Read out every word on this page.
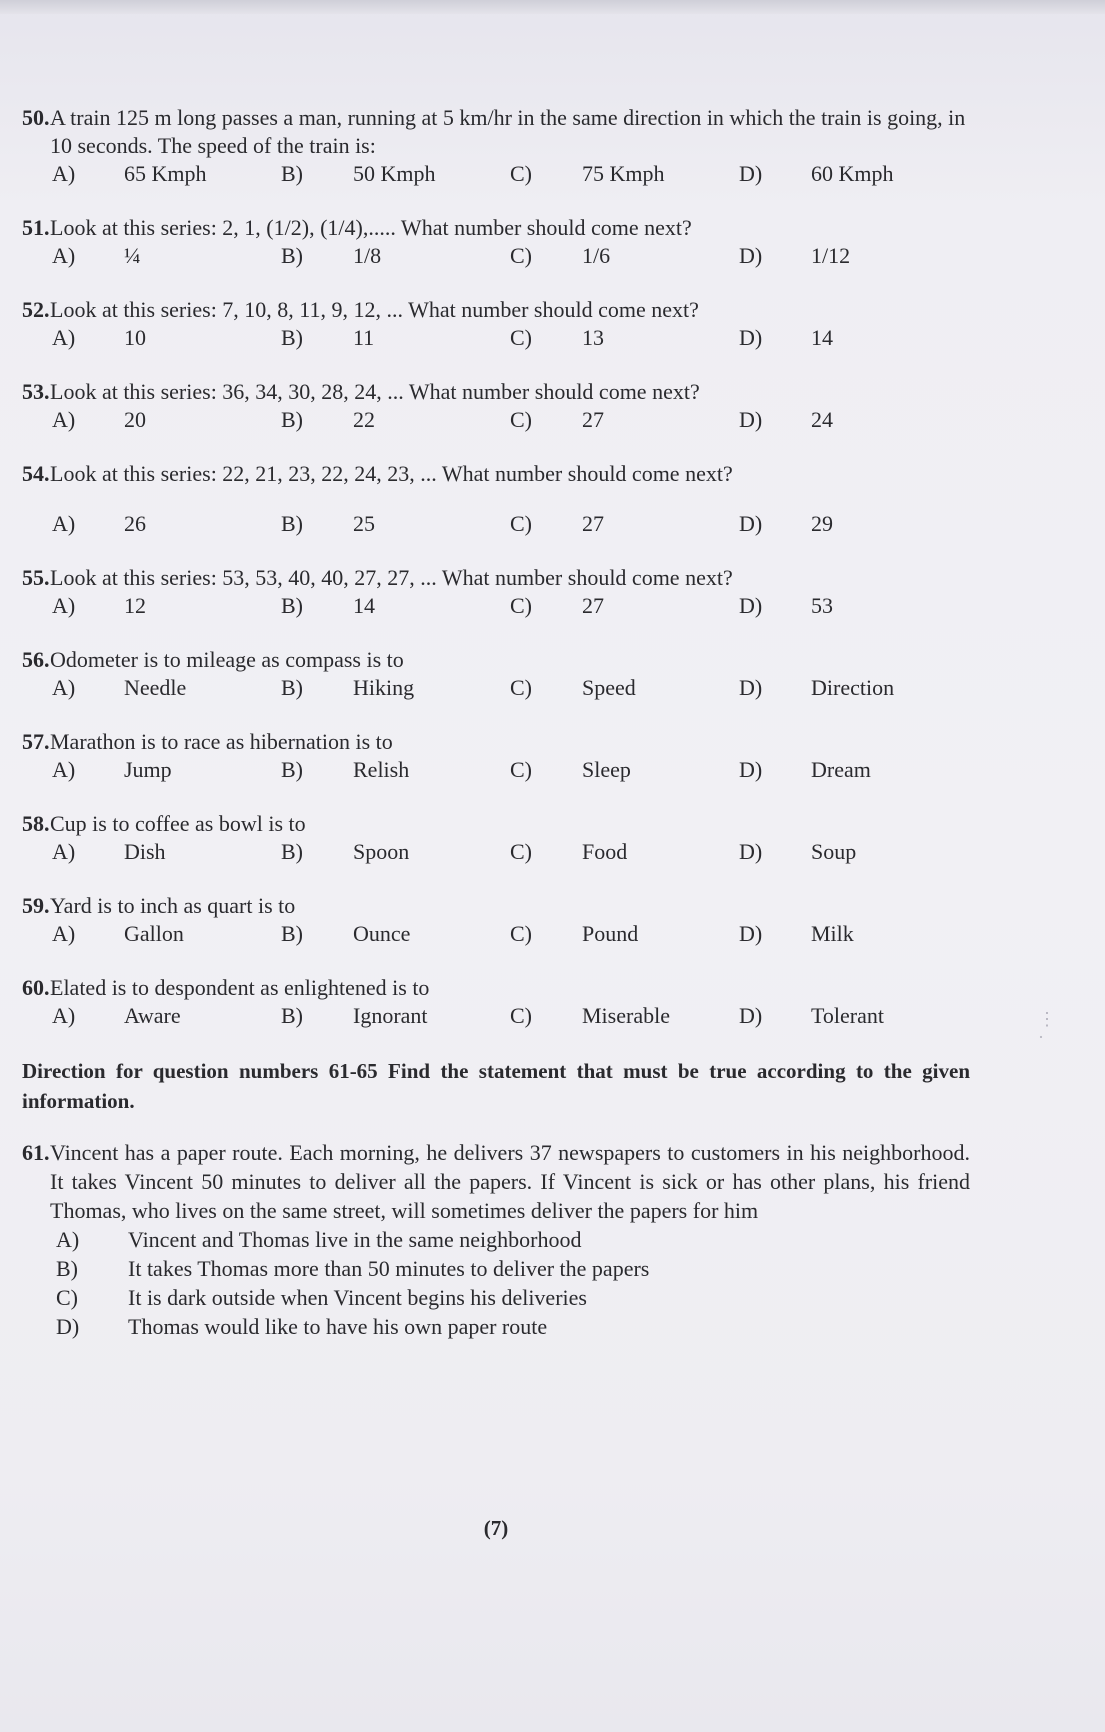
⋮
·
50. A train 125 m long passes a man, running at 5 km/hr in the same direction in which the train is going, in 10 seconds. The speed of the train is:
A)	65 Kmph	B)	50 Kmph	C)	75 Kmph	D)	60 Kmph
51. Look at this series: 2, 1, (1/2), (1/4),..... What number should come next?
A)	¼	B)	1/8	C)	1/6	D)	1/12
52. Look at this series: 7, 10, 8, 11, 9, 12, ... What number should come next?
A)	10	B)	11	C)	13	D)	14
53. Look at this series: 36, 34, 30, 28, 24, ... What number should come next?
A)	20	B)	22	C)	27	D)	24
54. Look at this series: 22, 21, 23, 22, 24, 23, ... What number should come next?
A)	26	B)	25	C)	27	D)	29
55. Look at this series: 53, 53, 40, 40, 27, 27, ... What number should come next?
A)	12	B)	14	C)	27	D)	53
56. Odometer is to mileage as compass is to
A)	Needle	B)	Hiking	C)	Speed	D)	Direction
57. Marathon is to race as hibernation is to
A)	Jump	B)	Relish	C)	Sleep	D)	Dream
58. Cup is to coffee as bowl is to
A)	Dish	B)	Spoon	C)	Food	D)	Soup
59. Yard is to inch as quart is to
A)	Gallon	B)	Ounce	C)	Pound	D)	Milk
60. Elated is to despondent as enlightened is to
A)	Aware	B)	Ignorant	C)	Miserable	D)	Tolerant
Direction for question numbers 61-65 Find the statement that must be true according to the given information.
61. Vincent has a paper route. Each morning, he delivers 37 newspapers to customers in his neighborhood. It takes Vincent 50 minutes to deliver all the papers. If Vincent is sick or has other plans, his friend Thomas, who lives on the same street, will sometimes deliver the papers for him
A)	Vincent and Thomas live in the same neighborhood
B)	It takes Thomas more than 50 minutes to deliver the papers
C)	It is dark outside when Vincent begins his deliveries
D)	Thomas would like to have his own paper route
(7)
